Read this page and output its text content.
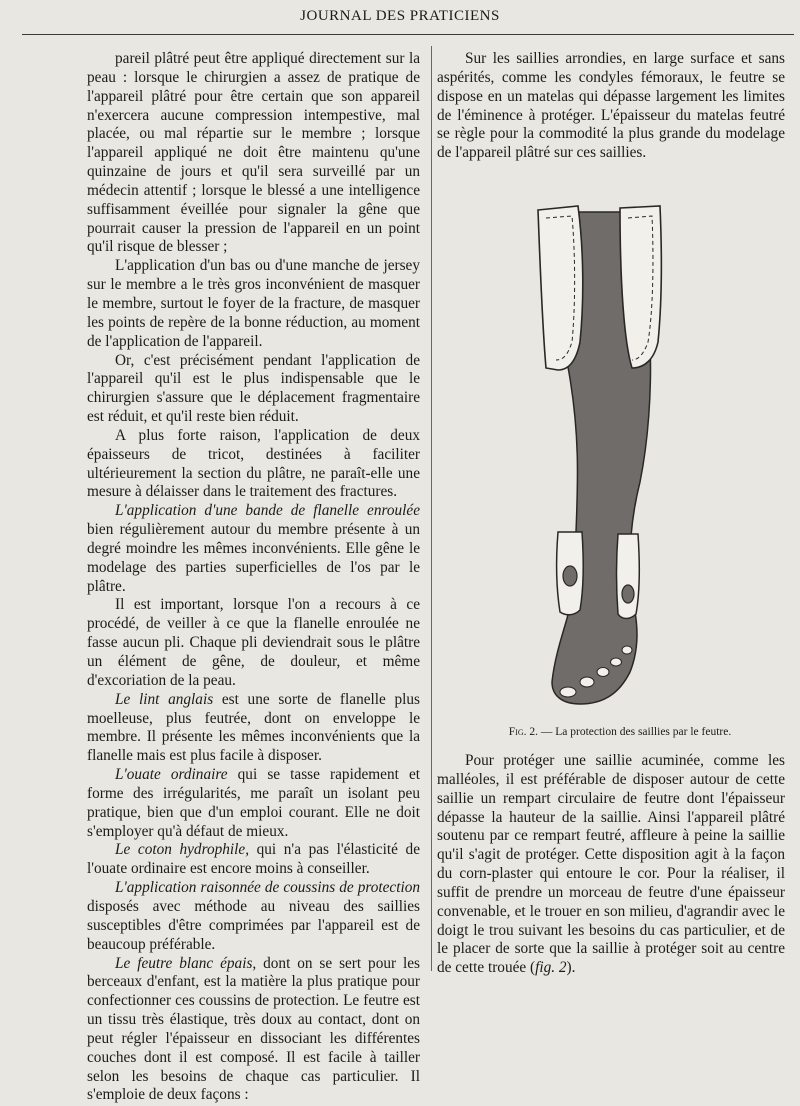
JOURNAL DES PRATICIENS

pareil plâtré peut être appliqué directement sur la peau : lorsque le chirurgien a assez de pratique de l'appareil plâtré pour être certain que son appareil n'exercera aucune compression intempestive, mal placée, ou mal répartie sur le membre ; lorsque l'appareil appliqué ne doit être maintenu qu'une quinzaine de jours et qu'il sera surveillé par un médecin attentif ; lorsque le blessé a une intelligence suffisamment éveillée pour signaler la gêne que pourrait causer la pression de l'appareil en un point qu'il risque de blesser ;

L'application d'un bas ou d'une manche de jersey sur le membre a le très gros inconvénient de masquer le membre, surtout le foyer de la fracture, de masquer les points de repère de la bonne réduction, au moment de l'application de l'appareil.

Or, c'est précisément pendant l'application de l'appareil qu'il est le plus indispensable que le chirurgien s'assure que le déplacement fragmentaire est réduit, et qu'il reste bien réduit.

A plus forte raison, l'application de deux épaisseurs de tricot, destinées à faciliter ultérieurement la section du plâtre, ne paraît-elle une mesure à délaisser dans le traitement des fractures.

L'application d'une bande de flanelle enroulée bien régulièrement autour du membre présente à un degré moindre les mêmes inconvénients. Elle gêne le modelage des parties superficielles de l'os par le plâtre.

Il est important, lorsque l'on a recours à ce procédé, de veiller à ce que la flanelle enroulée ne fasse aucun pli. Chaque pli deviendrait sous le plâtre un élément de gêne, de douleur, et même d'excoriation de la peau.

Le lint anglais est une sorte de flanelle plus moelleuse, plus feutrée, dont on enveloppe le membre. Il présente les mêmes inconvénients que la flanelle mais est plus facile à disposer.

L'ouate ordinaire qui se tasse rapidement et forme des irrégularités, me paraît un isolant peu pratique, bien que d'un emploi courant. Elle ne doit s'employer qu'à défaut de mieux.

Le coton hydrophile, qui n'a pas l'élasticité de l'ouate ordinaire est encore moins à conseiller.

L'application raisonnée de coussins de protection disposés avec méthode au niveau des saillies susceptibles d'être comprimées par l'appareil est de beaucoup préférable.

Le feutre blanc épais, dont on se sert pour les berceaux d'enfant, est la matière la plus pratique pour confectionner ces coussins de protection. Le feutre est un tissu très élastique, très doux au contact, dont on peut régler l'épaisseur en dissociant les différentes couches dont il est composé. Il est facile à tailler selon les besoins de chaque cas particulier. Il s'emploie de deux façons :

Sur les saillies arrondies, en large surface et sans aspérités, comme les condyles fémoraux, le feutre se dispose en un matelas qui dépasse largement les limites de l'éminence à protéger. L'épaisseur du matelas feutré se règle pour la commodité la plus grande du modelage de l'appareil plâtré sur ces saillies.

Fig. 2. — La protection des saillies par le feutre.

Pour protéger une saillie acuminée, comme les malléoles, il est préférable de disposer autour de cette saillie un rempart circulaire de feutre dont l'épaisseur dépasse la hauteur de la saillie. Ainsi l'appareil plâtré soutenu par ce rempart feutré, affleure à peine la saillie qu'il s'agit de protéger. Cette disposition agit à la façon du corn-plaster qui entoure le cor. Pour la réaliser, il suffit de prendre un morceau de feutre d'une épaisseur convenable, et le trouer en son milieu, d'agrandir avec le doigt le trou suivant les besoins du cas particulier, et de le placer de sorte que la saillie à protéger soit au centre de cette trouée (fig. 2).
